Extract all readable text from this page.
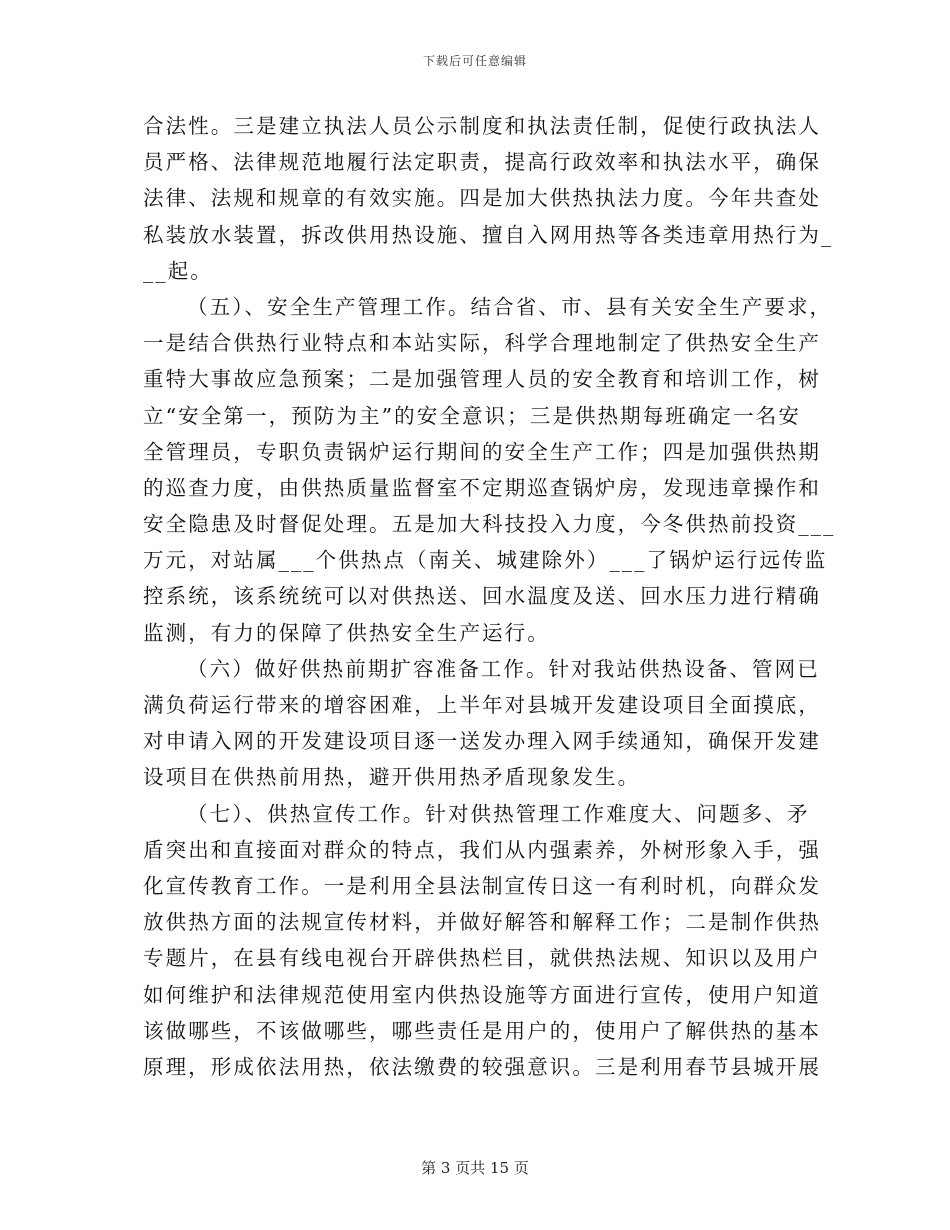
下载后可任意编辑
合法性。三是建立执法人员公示制度和执法责任制，促使行政执法人
员严格、法律规范地履行法定职责，提高行政效率和执法水平，确保
法律、法规和规章的有效实施。四是加大供热执法力度。今年共查处
私装放水装置，拆改供用热设施、擅自入网用热等各类违章用热行为_
__起。
（五）、安全生产管理工作。结合省、市、县有关安全生产要求，
一是结合供热行业特点和本站实际，科学合理地制定了供热安全生产
重特大事故应急预案；二是加强管理人员的安全教育和培训工作，树
立“安全第一，预防为主”的安全意识；三是供热期每班确定一名安
全管理员，专职负责锅炉运行期间的安全生产工作；四是加强供热期
的巡查力度，由供热质量监督室不定期巡查锅炉房，发现违章操作和
安全隐患及时督促处理。五是加大科技投入力度，今冬供热前投资___
万元，对站属___个供热点（南关、城建除外）___了锅炉运行远传监
控系统，该系统统可以对供热送、回水温度及送、回水压力进行精确
监测，有力的保障了供热安全生产运行。
（六）做好供热前期扩容准备工作。针对我站供热设备、管网已
满负荷运行带来的增容困难，上半年对县城开发建设项目全面摸底，
对申请入网的开发建设项目逐一送发办理入网手续通知，确保开发建
设项目在供热前用热，避开供用热矛盾现象发生。
（七）、供热宣传工作。针对供热管理工作难度大、问题多、矛
盾突出和直接面对群众的特点，我们从内强素养，外树形象入手，强
化宣传教育工作。一是利用全县法制宣传日这一有利时机，向群众发
放供热方面的法规宣传材料，并做好解答和解释工作；二是制作供热
专题片，在县有线电视台开辟供热栏目，就供热法规、知识以及用户
如何维护和法律规范使用室内供热设施等方面进行宣传，使用户知道
该做哪些，不该做哪些，哪些责任是用户的，使用户了解供热的基本
原理，形成依法用热，依法缴费的较强意识。三是利用春节县城开展
第 3 页共 15 页
